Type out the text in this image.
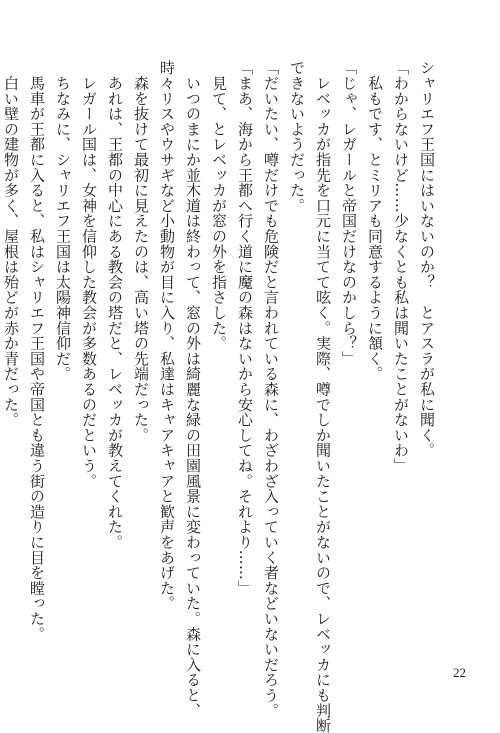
シャリエフ王国にはいないのか？　とアスラが私に聞く。
「わからないけど……少なくとも私は聞いたことがないわ」
　私もです、とミリアも同意するように頷く。
「じゃ、レガールと帝国だけなのかしら？」
　レベッカが指先を口元に当てて呟く。実際、噂でしか聞いたことがないので、レベッカにも判断
できないようだった。
「だいたい、噂だけでも危険だと言われている森に、わざわざ入っていく者などいないだろう。
「まあ、海から王都へ行く道に魔の森はないから安心してね。それより……」
　見て、とレベッカが窓の外を指さした。
　いつのまにか並木道は終わって、窓の外は綺麗な緑の田園風景に変わっていた。森に入ると、
時々リスやウサギなど小動物が目に入り、私達はキャアキャアと歓声をあげた。
　森を抜けて最初に見えたのは、高い塔の先端だった。
　あれは、王都の中心にある教会の塔だと、レベッカが教えてくれた。
　レガール国は、女神を信仰した教会が多数あるのだという。
　ちなみに、シャリエフ王国は太陽神信仰だ。
　馬車が王都に入ると、私はシャリエフ王国や帝国とも違う街の造りに目を瞠った。
　白い壁の建物が多く、屋根は殆どが赤か青だった。
22
